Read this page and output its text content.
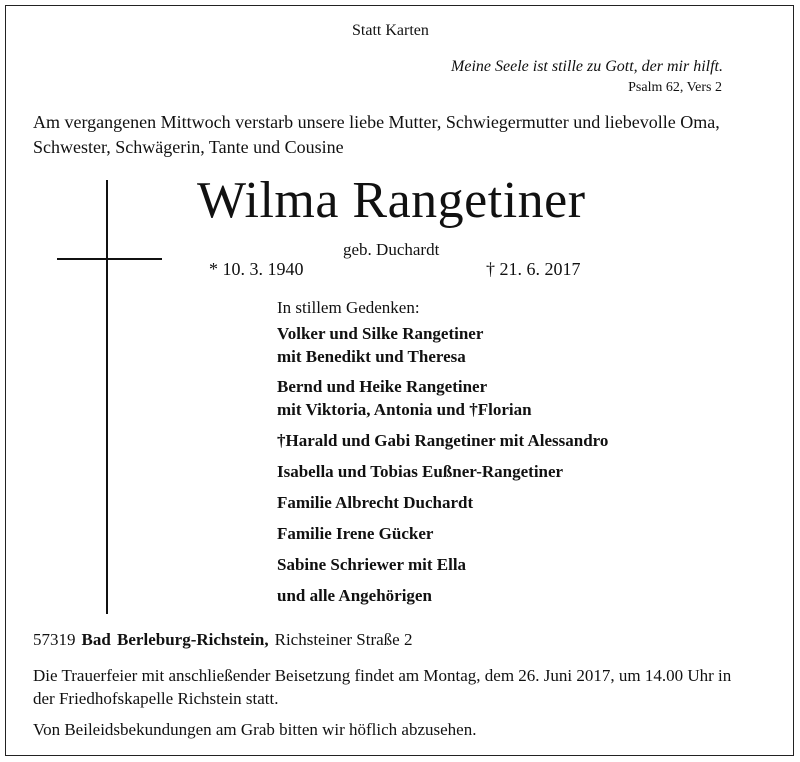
Statt Karten
Meine Seele ist stille zu Gott, der mir hilft.
Psalm 62, Vers 2
Am vergangenen Mittwoch verstarb unsere liebe Mutter, Schwiegermutter und liebevolle Oma, Schwester, Schwägerin, Tante und Cousine
Wilma Rangetiner
geb. Duchardt
* 10. 3. 1940	† 21. 6. 2017
In stillem Gedenken:
Volker und Silke Rangetiner
mit Benedikt und Theresa
Bernd und Heike Rangetiner
mit Viktoria, Antonia und †Florian
†Harald und Gabi Rangetiner mit Alessandro
Isabella und Tobias Eußner-Rangetiner
Familie Albrecht Duchardt
Familie Irene Gücker
Sabine Schriewer mit Ella
und alle Angehörigen
57319 Bad Berleburg-Richstein, Richsteiner Straße 2
Die Trauerfeier mit anschließender Beisetzung findet am Montag, dem 26. Juni 2017, um 14.00 Uhr in der Friedhofskapelle Richstein statt.
Von Beileidsbekundungen am Grab bitten wir höflich abzusehen.
